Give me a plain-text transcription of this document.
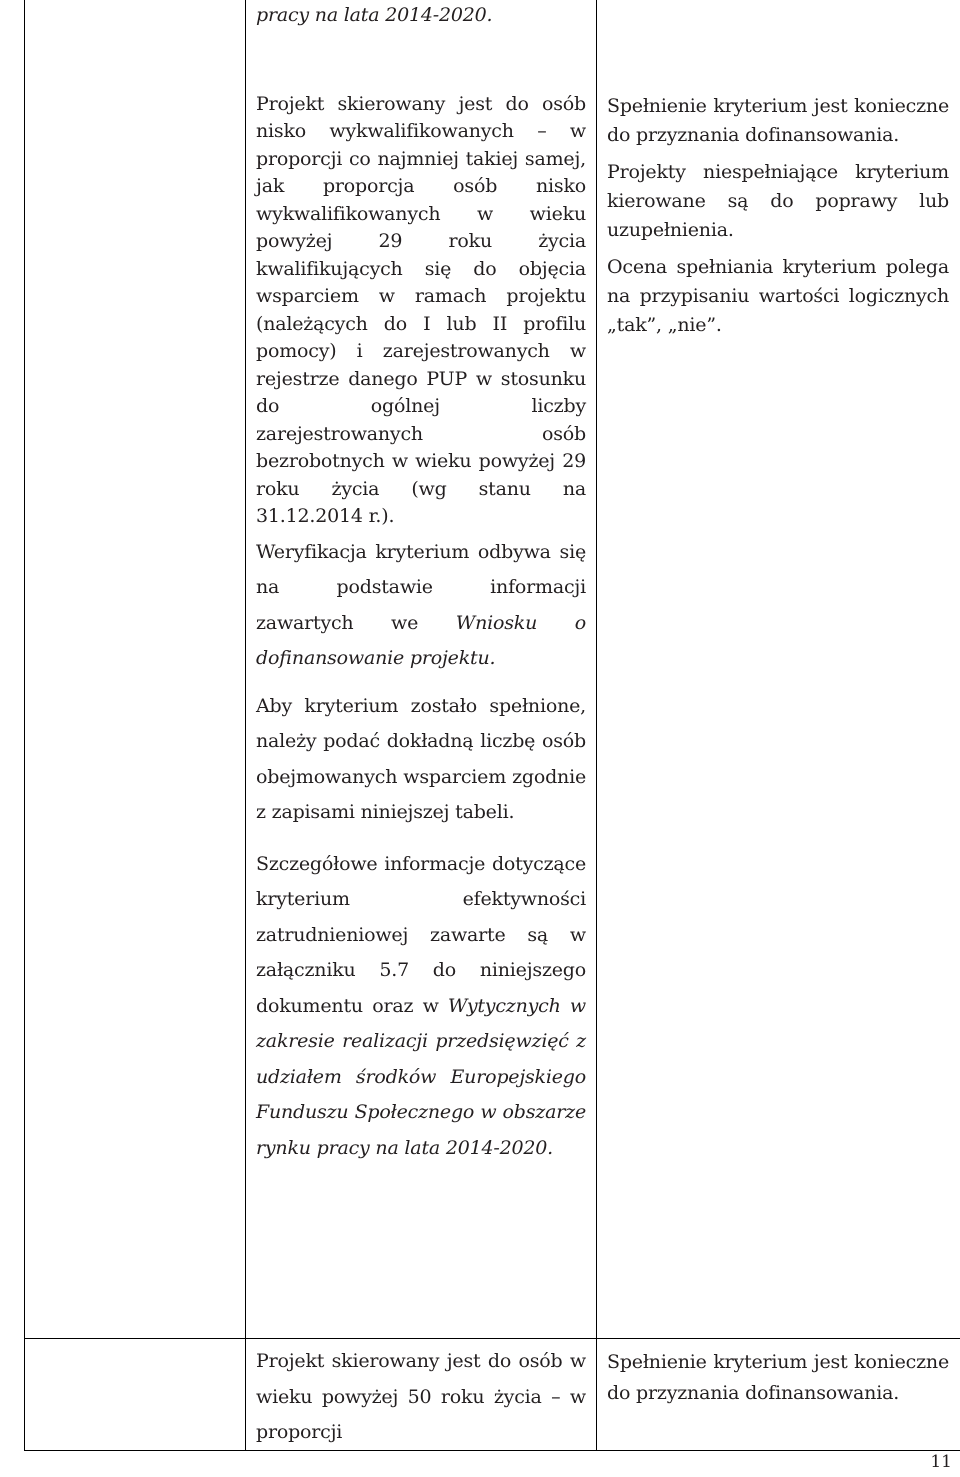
pracy na lata 2014-2020.

Projekt skierowany jest do osób nisko wykwalifikowanych – w proporcji co najmniej takiej samej, jak proporcja osób nisko wykwalifikowanych w wieku powyżej 29 roku życia kwalifikujących się do objęcia wsparciem w ramach projektu (należących do I lub II profilu pomocy) i zarejestrowanych w rejestrze danego PUP w stosunku do ogólnej liczby zarejestrowanych osób bezrobotnych w wieku powyżej 29 roku życia (wg stanu na 31.12.2014 r.).

Weryfikacja kryterium odbywa się na podstawie informacji zawartych we Wniosku o dofinansowanie projektu.

Aby kryterium zostało spełnione, należy podać dokładną liczbę osób obejmowanych wsparciem zgodnie z zapisami niniejszej tabeli.

Szczegółowe informacje dotyczące kryterium efektywności zatrudnieniowej zawarte są w załączniku 5.7 do niniejszego dokumentu oraz w Wytycznych w zakresie realizacji przedsięwzięć z udziałem środków Europejskiego Funduszu Społecznego w obszarze rynku pracy na lata 2014-2020.

Spełnienie kryterium jest konieczne do przyznania dofinansowania.

Projekty niespełniające kryterium kierowane są do poprawy lub uzupełnienia.

Ocena spełniania kryterium polega na przypisaniu wartości logicznych „tak”, „nie”.

Projekt skierowany jest do osób w wieku powyżej 50 roku życia – w proporcji
Spełnienie kryterium jest konieczne do przyznania dofinansowania.
11
